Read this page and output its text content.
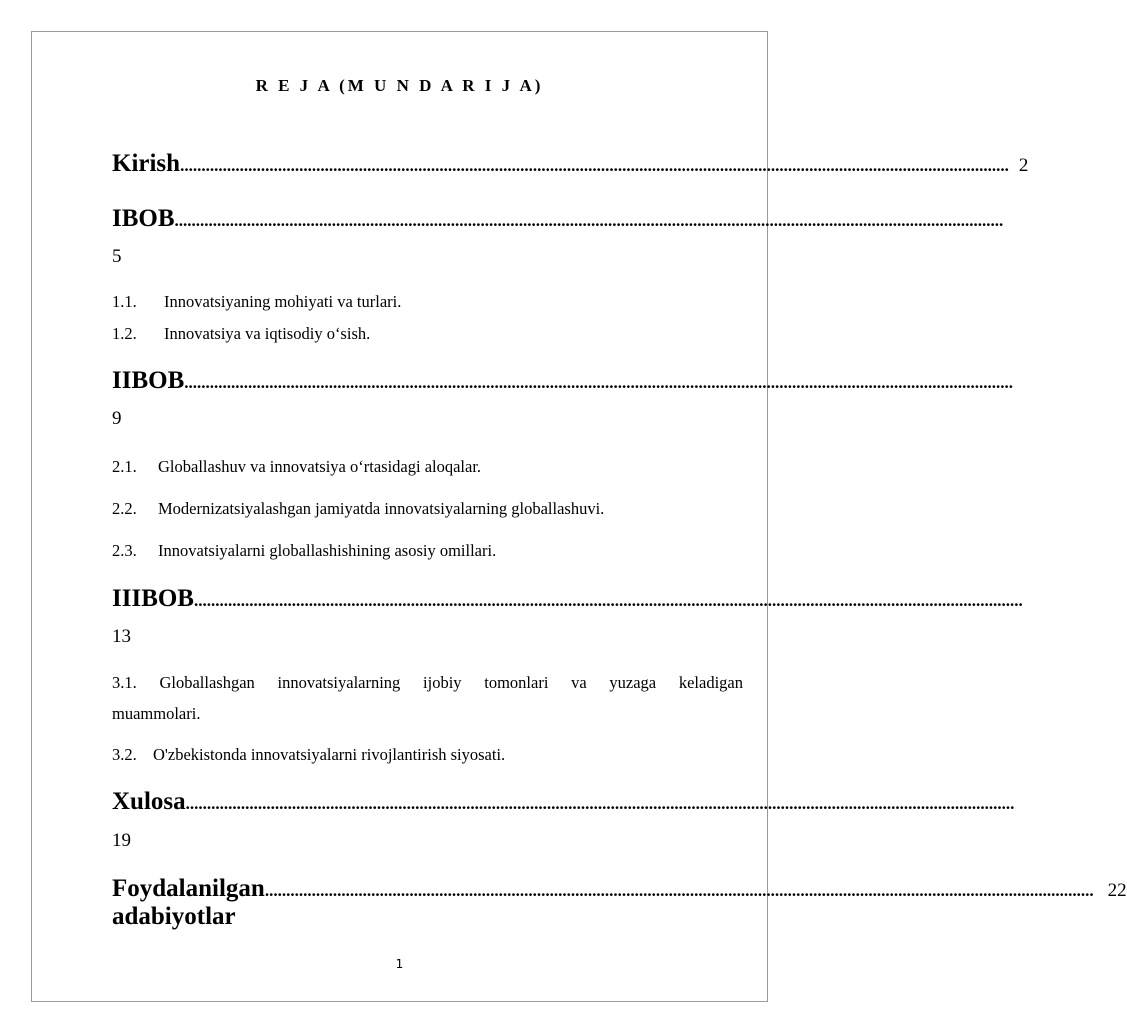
R E J A (M U N D A R I J A)
Kirish ................................................................................................................................................................................................... 2
I BOB ...................................................................................................................................................................................................
5
1.1. Innovatsiyaning mohiyati va turlari.
1.2. Innovatsiya va iqtisodiy o‘sish.
II BOB ...................................................................................................................................................................................................
9
2.1. Globallashuv va innovatsiya o‘rtasidagi aloqalar.
2.2. Modernizatsiyalashgan jamiyatda innovatsiyalarning globallashuvi.
2.3. Innovatsiyalarni globallashishining asosiy omillari.
III BOB ...................................................................................................................................................................................................
13
3.1. Globallashgan innovatsiyalarning ijobiy tomonlari va yuzaga keladigan
muammolari.
3.2. O'zbekistonda innovatsiyalarni rivojlantirish siyosati.
Xulosa ...................................................................................................................................................................................................
19
Foydalanilgan adabiyotlar
................................................................................................................................................................................................... 22
1
